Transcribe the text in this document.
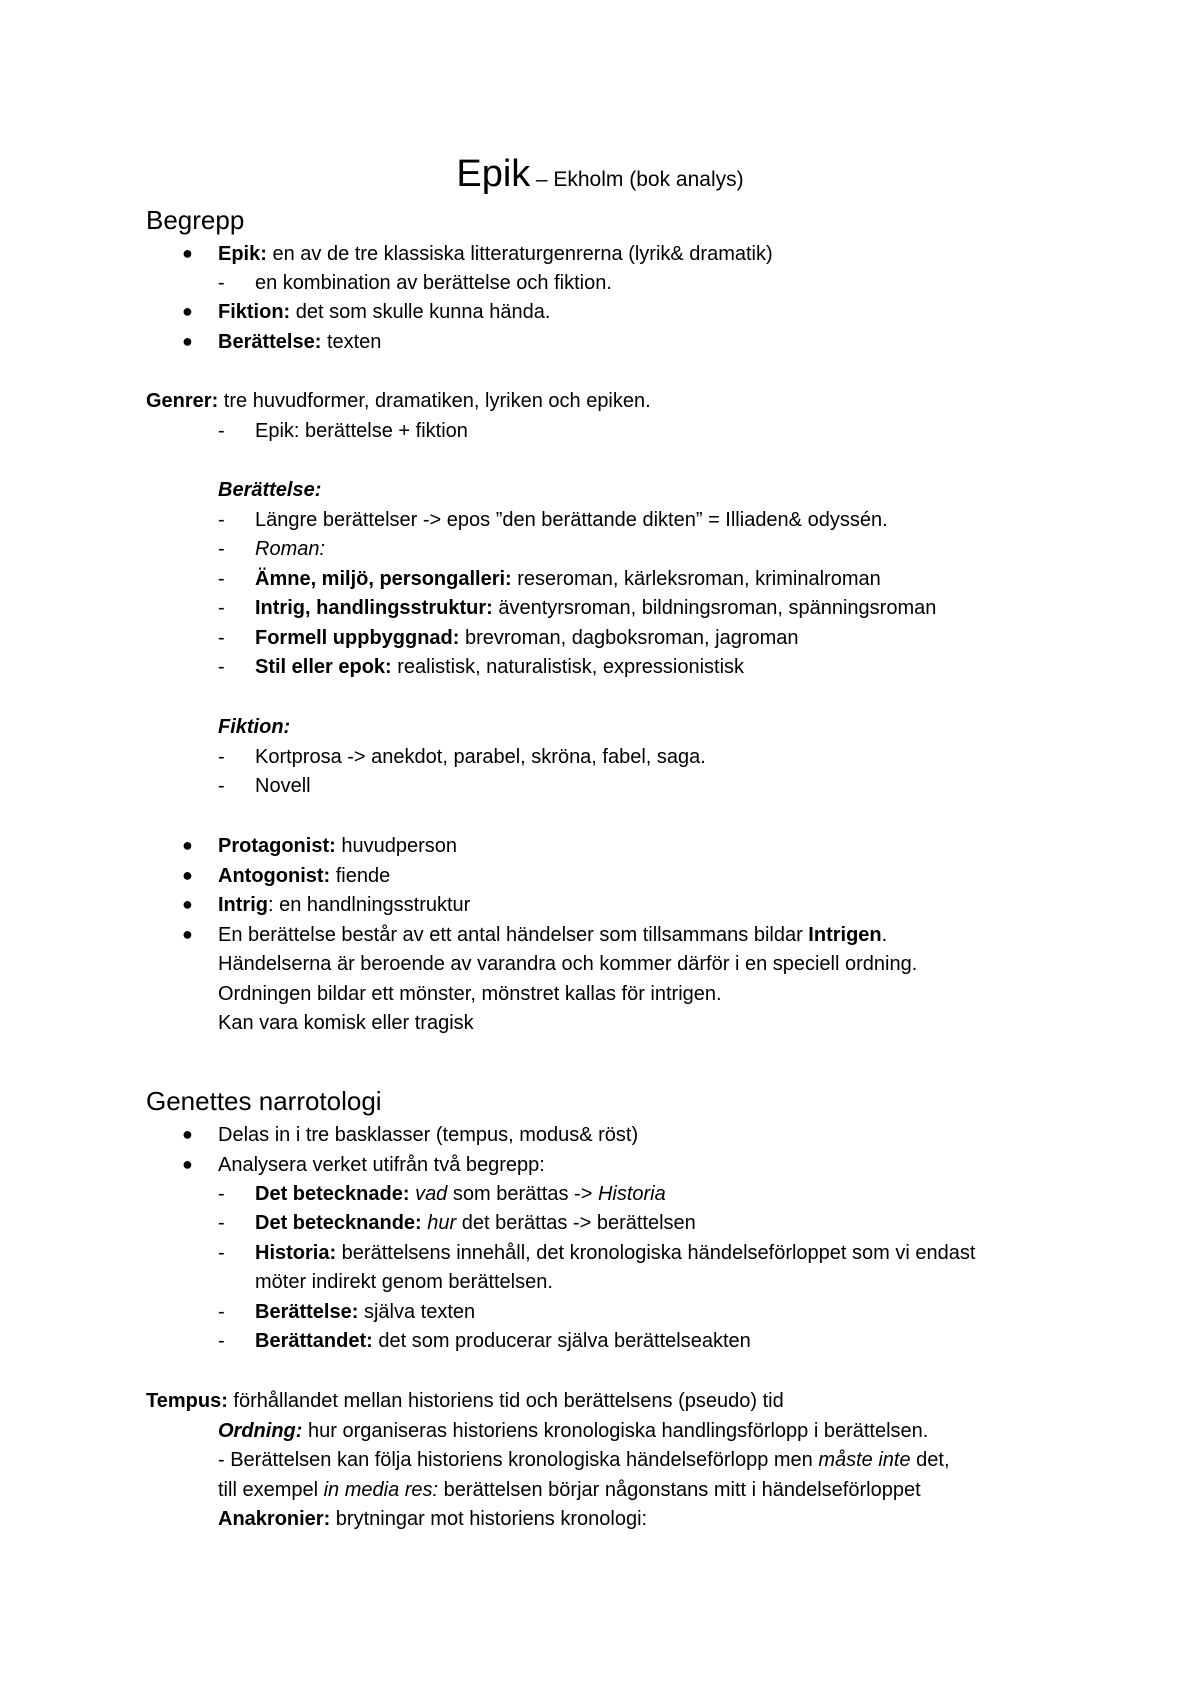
Epik – Ekholm (bok analys)
Begrepp
● Epik: en av de tre klassiska litteraturgenrerna (lyrik& dramatik)
- en kombination av berättelse och fiktion.
● Fiktion: det som skulle kunna hända.
● Berättelse: texten
Genrer: tre huvudformer, dramatiken, lyriken och epiken.
- Epik: berättelse + fiktion
Berättelse:
- Längre berättelser -> epos ”den berättande dikten” = Illiaden& odyssén.
- Roman:
- Ämne, miljö, persongalleri: reseroman, kärleksroman, kriminalroman
- Intrig, handlingsstruktur: äventyrsroman, bildningsroman, spänningsroman
- Formell uppbyggnad: brevroman, dagboksroman, jagroman
- Stil eller epok: realistisk, naturalistisk, expressionistisk
Fiktion:
- Kortprosa -> anekdot, parabel, skröna, fabel, saga.
- Novell
● Protagonist: huvudperson
● Antogonist: fiende
● Intrig: en handlningsstruktur
● En berättelse består av ett antal händelser som tillsammans bildar Intrigen.
Händelserna är beroende av varandra och kommer därför i en speciell ordning.
Ordningen bildar ett mönster, mönstret kallas för intrigen.
Kan vara komisk eller tragisk
Genettes narrotologi
● Delas in i tre basklasser (tempus, modus& röst)
● Analysera verket utifrån två begrepp:
- Det betecknade: vad som berättas -> Historia
- Det betecknande: hur det berättas -> berättelsen
- Historia: berättelsens innehåll, det kronologiska händelseförloppet som vi endast
möter indirekt genom berättelsen.
- Berättelse: själva texten
- Berättandet: det som producerar själva berättelseakten
Tempus: förhållandet mellan historiens tid och berättelsens (pseudo) tid
Ordning: hur organiseras historiens kronologiska handlingsförlopp i berättelsen.
- Berättelsen kan följa historiens kronologiska händelseförlopp men måste inte det,
till exempel in media res: berättelsen börjar någonstans mitt i händelseförloppet
Anakronier: brytningar mot historiens kronologi:
